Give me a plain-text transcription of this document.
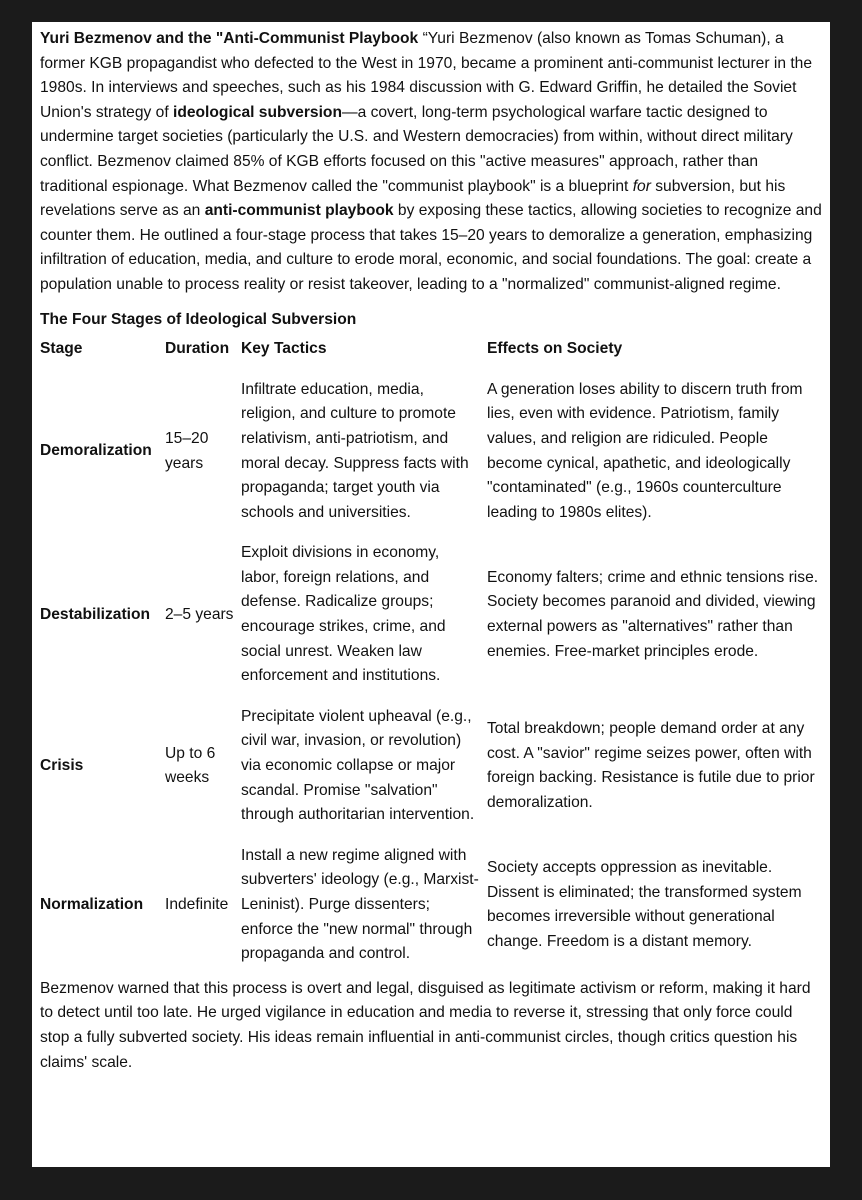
Yuri Bezmenov and the "Anti-Communist Playbook “Yuri Bezmenov (also known as Tomas Schuman), a former KGB propagandist who defected to the West in 1970, became a prominent anti-communist lecturer in the 1980s. In interviews and speeches, such as his 1984 discussion with G. Edward Griffin, he detailed the Soviet Union's strategy of ideological subversion—a covert, long-term psychological warfare tactic designed to undermine target societies (particularly the U.S. and Western democracies) from within, without direct military conflict. Bezmenov claimed 85% of KGB efforts focused on this "active measures" approach, rather than traditional espionage. What Bezmenov called the "communist playbook" is a blueprint for subversion, but his revelations serve as an anti-communist playbook by exposing these tactics, allowing societies to recognize and counter them. He outlined a four-stage process that takes 15–20 years to demoralize a generation, emphasizing infiltration of education, media, and culture to erode moral, economic, and social foundations. The goal: create a population unable to process reality or resist takeover, leading to a "normalized" communist-aligned regime.

The Four Stages of Ideological Subversion

Stage	Duration	Key Tactics	Effects on Society
Demoralization	15–20 years	Infiltrate education, media, religion, and culture to promote relativism, anti-patriotism, and moral decay. Suppress facts with propaganda; target youth via schools and universities.	A generation loses ability to discern truth from lies, even with evidence. Patriotism, family values, and religion are ridiculed. People become cynical, apathetic, and ideologically "contaminated" (e.g., 1960s counterculture leading to 1980s elites).
Destabilization	2–5 years	Exploit divisions in economy, labor, foreign relations, and defense. Radicalize groups; encourage strikes, crime, and social unrest. Weaken law enforcement and institutions.	Economy falters; crime and ethnic tensions rise. Society becomes paranoid and divided, viewing external powers as "alternatives" rather than enemies. Free-market principles erode.
Crisis	Up to 6 weeks	Precipitate violent upheaval (e.g., civil war, invasion, or revolution) via economic collapse or major scandal. Promise "salvation" through authoritarian intervention.	Total breakdown; people demand order at any cost. A "savior" regime seizes power, often with foreign backing. Resistance is futile due to prior demoralization.
Normalization	Indefinite	Install a new regime aligned with subverters' ideology (e.g., Marxist-Leninist). Purge dissenters; enforce the "new normal" through propaganda and control.	Society accepts oppression as inevitable. Dissent is eliminated; the transformed system becomes irreversible without generational change. Freedom is a distant memory.

Bezmenov warned that this process is overt and legal, disguised as legitimate activism or reform, making it hard to detect until too late. He urged vigilance in education and media to reverse it, stressing that only force could stop a fully subverted society. His ideas remain influential in anti-communist circles, though critics question his claims' scale.
